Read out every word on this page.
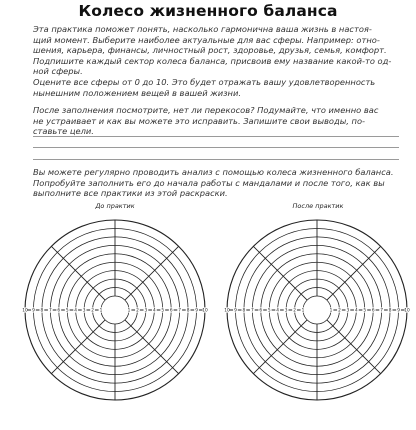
Колесо жизненного баланса

Эта практика поможет понять, насколько гармонична ваша жизнь в настоя-

щий момент. Выберите наиболее актуальные для вас сферы. Например: отно-

шения, карьера, финансы, личностный рост, здоровье, друзья, семья, комфорт.

Подпишите каждый сектор колеса баланса, присвоив ему название какой-то од-

ной сферы.

Оцените все сферы от 0 до 10. Это будет отражать вашу удовлетворенность

нынешним положением вещей в вашей жизни.

После заполнения посмотрите, нет ли перекосов? Подумайте, что именно вас

не устраивает и как вы можете это исправить. Запишите свои выводы, по-

ставьте цели.

Вы можете регулярно проводить анализ с помощью колеса жизненного баланса.

Попробуйте заполнить его до начала работы с мандалами и после того, как вы

выполните все практики из этой раскраски.

До практик	После практик
1	1
2	2
3	3
4	4
5	5
6	6
7	7
8	8
9	9
10	10	1	1
2	2
3	3
4	4
5	5
6	6
7	7
8	8
9	9
10	10
